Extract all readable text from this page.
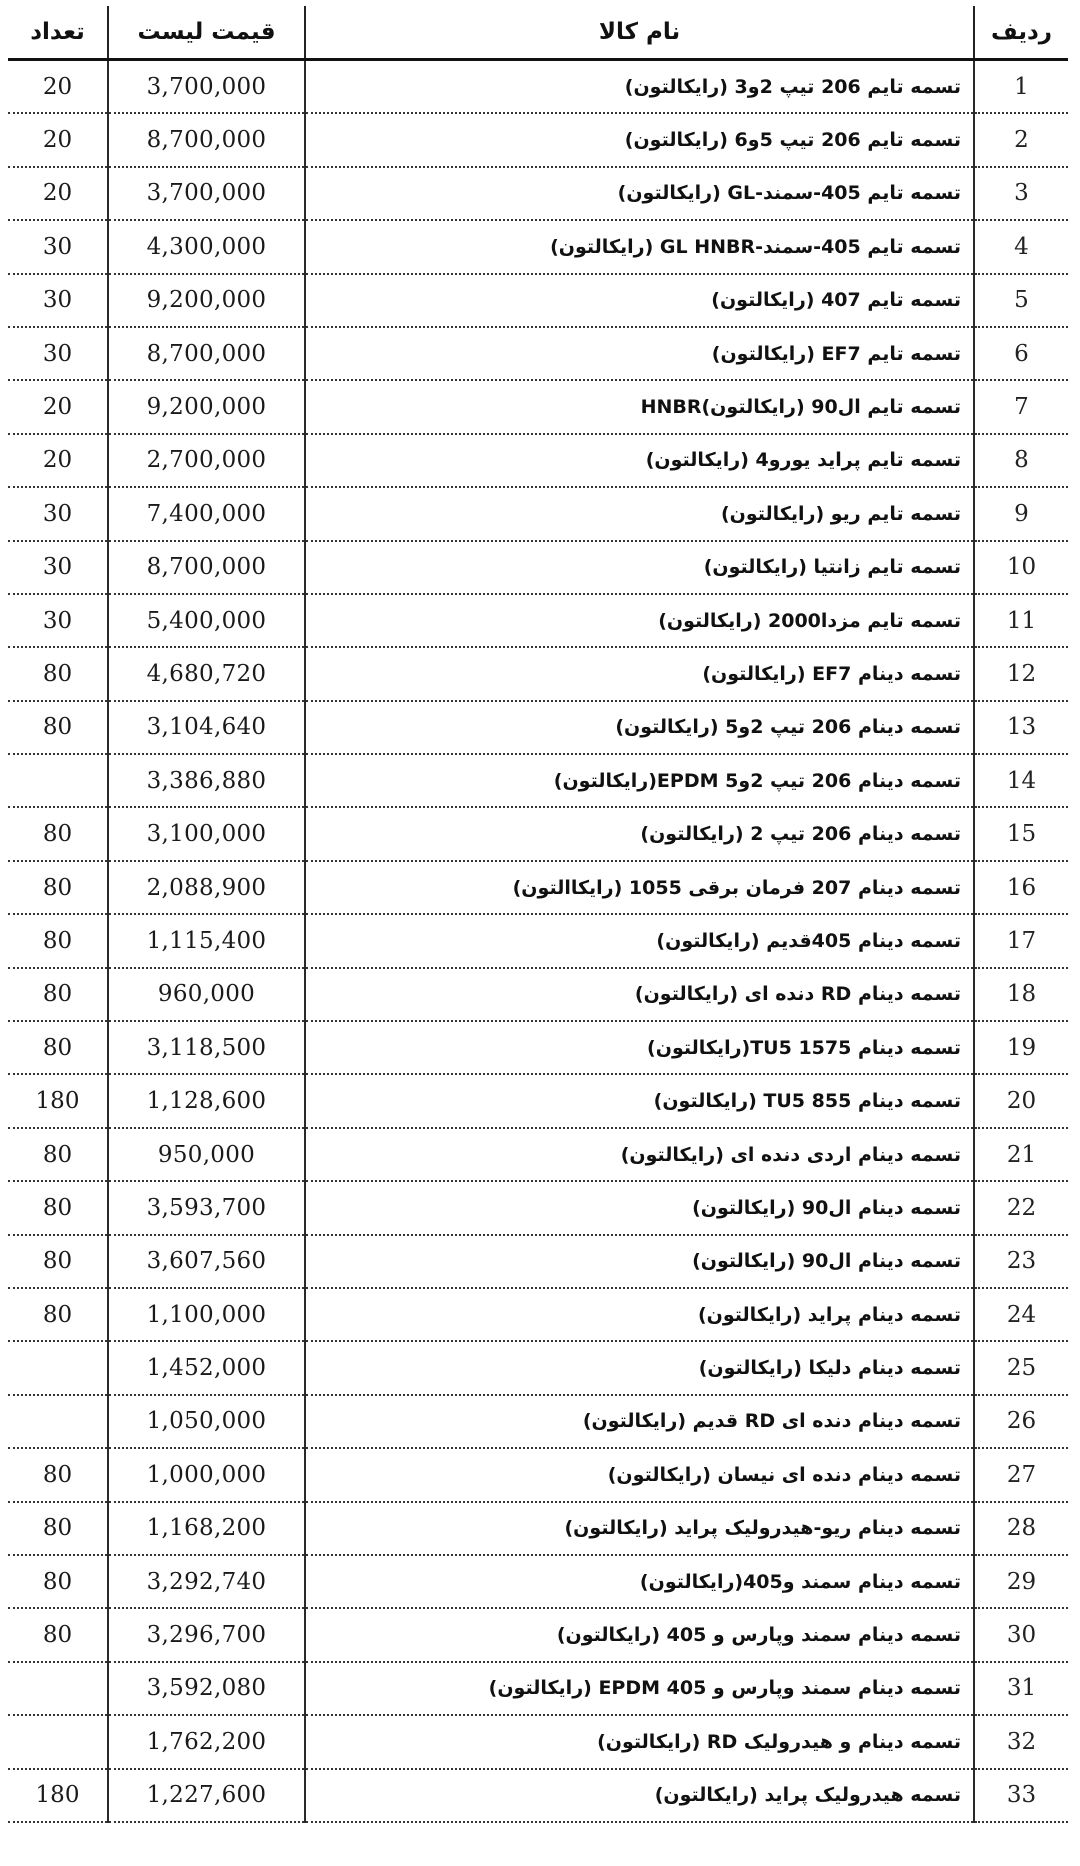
تعداد	قیمت لیست	نام کالا	ردیف
20	3,700,000	تسمه تایم 206 تیپ 2و3 (رایکالتون)	1
20	8,700,000	تسمه تایم 206 تیپ 5و6 (رایکالتون)	2
20	3,700,000	تسمه تایم 405-سمند-GL (رایکالتون)	3
30	4,300,000	تسمه تایم 405-سمند-GL HNBR (رایکالتون)	4
30	9,200,000	تسمه تایم 407 (رایکالتون)	5
30	8,700,000	تسمه تایم EF7 (رایکالتون)	6
20	9,200,000	تسمه تایم ال90 (رایکالتون)HNBR	7
20	2,700,000	تسمه تایم پراید یورو4 (رایکالتون)	8
30	7,400,000	تسمه تایم ریو (رایکالتون)	9
30	8,700,000	تسمه تایم زانتیا (رایکالتون)	10
30	5,400,000	تسمه تایم مزدا2000 (رایکالتون)	11
80	4,680,720	تسمه دینام EF7 (رایکالتون)	12
80	3,104,640	تسمه دینام 206 تیپ 2و5 (رایکالتون)	13
	3,386,880	تسمه دینام 206 تیپ 2و5 EPDM(رایکالتون)	14
80	3,100,000	تسمه دینام 206 تیپ 2 (رایکالتون)	15
80	2,088,900	تسمه دینام 207 فرمان برقی 1055 (رایکاالتون)	16
80	1,115,400	تسمه دینام 405قدیم (رایکالتون)	17
80	960,000	تسمه دینام RD دنده ای (رایکالتون)	18
80	3,118,500	تسمه دینام 1575 TU5(رایکالتون)	19
180	1,128,600	تسمه دینام 855 TU5 (رایکالتون)	20
80	950,000	تسمه دینام اردی دنده ای (رایکالتون)	21
80	3,593,700	تسمه دینام ال90 (رایکالتون)	22
80	3,607,560	تسمه دینام ال90 (رایکالتون)	23
80	1,100,000	تسمه دینام پراید (رایکالتون)	24
	1,452,000	تسمه دینام دلیکا (رایکالتون)	25
	1,050,000	تسمه دینام دنده ای RD قدیم (رایکالتون)	26
80	1,000,000	تسمه دینام دنده ای نیسان (رایکالتون)	27
80	1,168,200	تسمه دینام ریو-هیدرولیک پراید (رایکالتون)	28
80	3,292,740	تسمه دینام سمند و405(رایکالتون)	29
80	3,296,700	تسمه دینام سمند وپارس و 405 (رایکالتون)	30
	3,592,080	تسمه دینام سمند وپارس و EPDM 405 (رایکالتون)	31
	1,762,200	تسمه دینام و هیدرولیک RD (رایکالتون)	32
180	1,227,600	تسمه هیدرولیک پراید (رایکالتون)	33
